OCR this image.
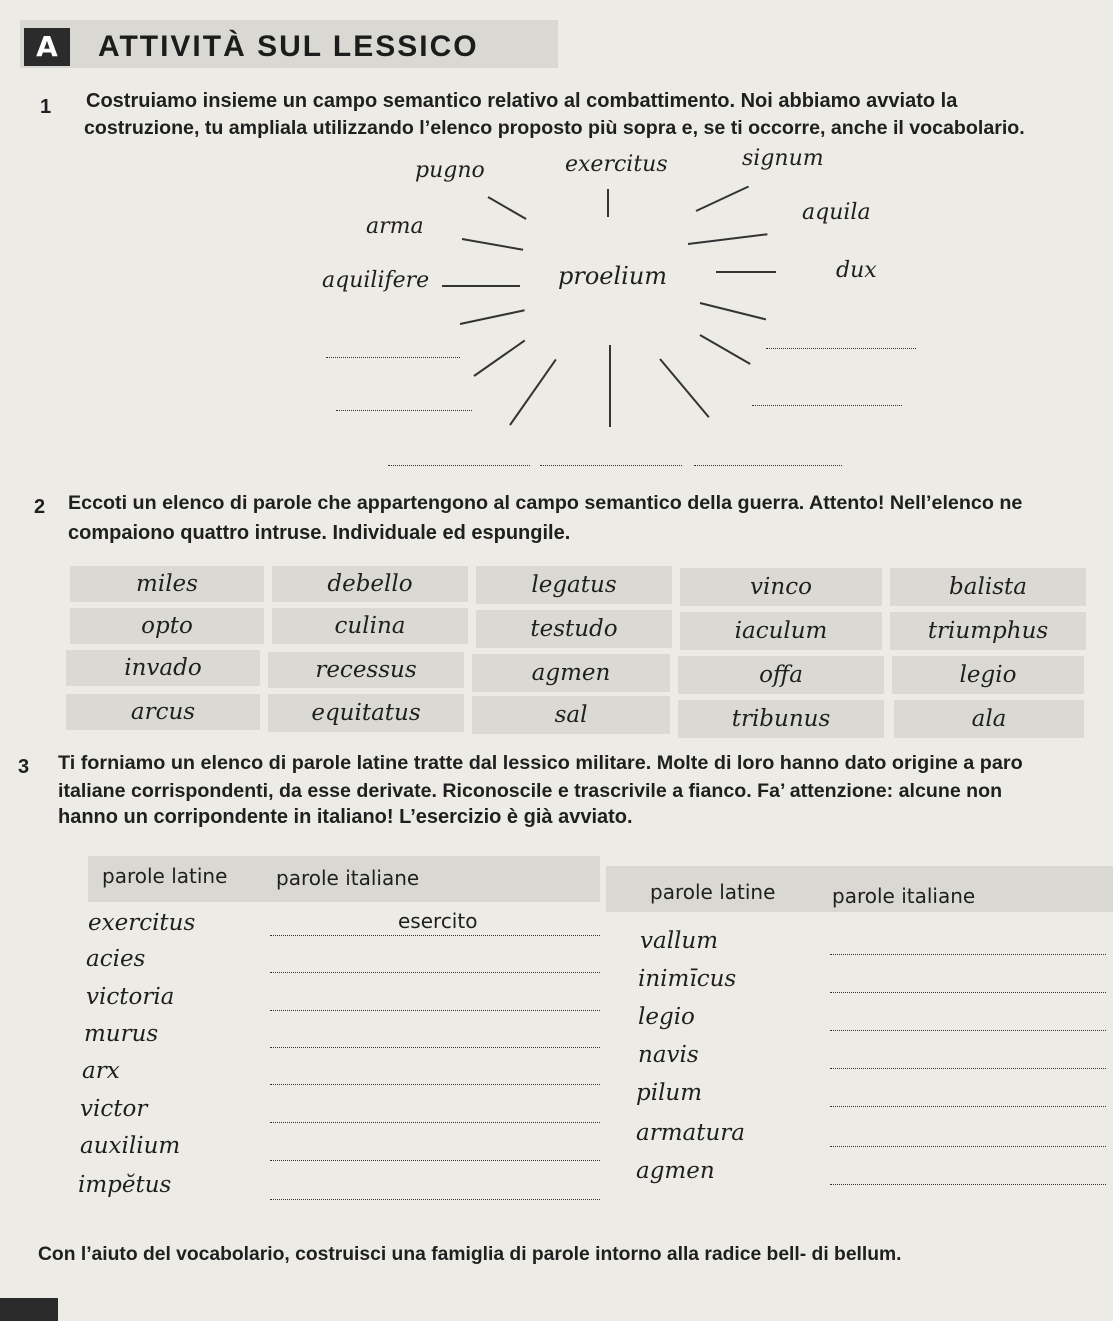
A	ATTIVITÀ SUL LESSICO
1 Costruiamo insieme un campo semantico relativo al combattimento. Noi abbiamo avviato la
costruzione, tu ampliala utilizzando l’elenco proposto più sopra e, se ti occorre, anche il vocabolario.
pugno	exercitus	signum
arma
aquila
aquilifere	dux
proelium
2 Eccoti un elenco di parole che appartengono al campo semantico della guerra. Attento! Nell’elenco ne
compaiono quattro intruse. Individuale ed espungile.
miles	debello	legatus	vinco	balista
opto	culina	testudo	iaculum	triumphus
invado	recessus	agmen	offa	legio
arcus	equitatus	sal	tribunus	ala
3 Ti forniamo un elenco di parole latine tratte dal lessico militare. Molte di loro hanno dato origine a paro
italiane corrispondenti, da esse derivate. Riconoscile e trascrivile a fianco. Fa’ attenzione: alcune non
hanno un corripondente in italiano! L’esercizio è già avviato.
parole latine parole italiane
parole latine	parole italiane
exercitus	esercito
acies
victoria
murus
arx
victor
auxilium
impĕtus
vallum
inimīcus
legio
navis
pilum
armatura
agmen
Con l’aiuto del vocabolario, costruisci una famiglia di parole intorno alla radice bell- di bellum.
